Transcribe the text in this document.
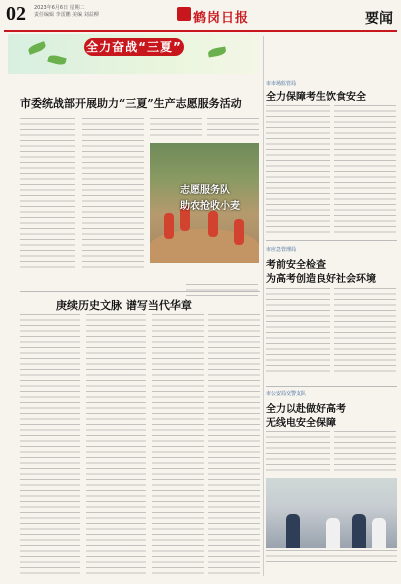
02 2023年6月6日 星期二
责任编辑 李雷鹏 美编 刘益柳	鹤岗日报	要闻
全力奋战“三夏”
市委统战部开展助力“三夏”生产志愿服务活动
志愿服务队
助农抢收小麦
庚续历史文脉 谱写当代华章
市市场监管局
全力保障考生饮食安全
市应急管理局
考前安全检查
为高考创造良好社会环境
市公安局交警支队
全力以赴做好高考
无线电安全保障
